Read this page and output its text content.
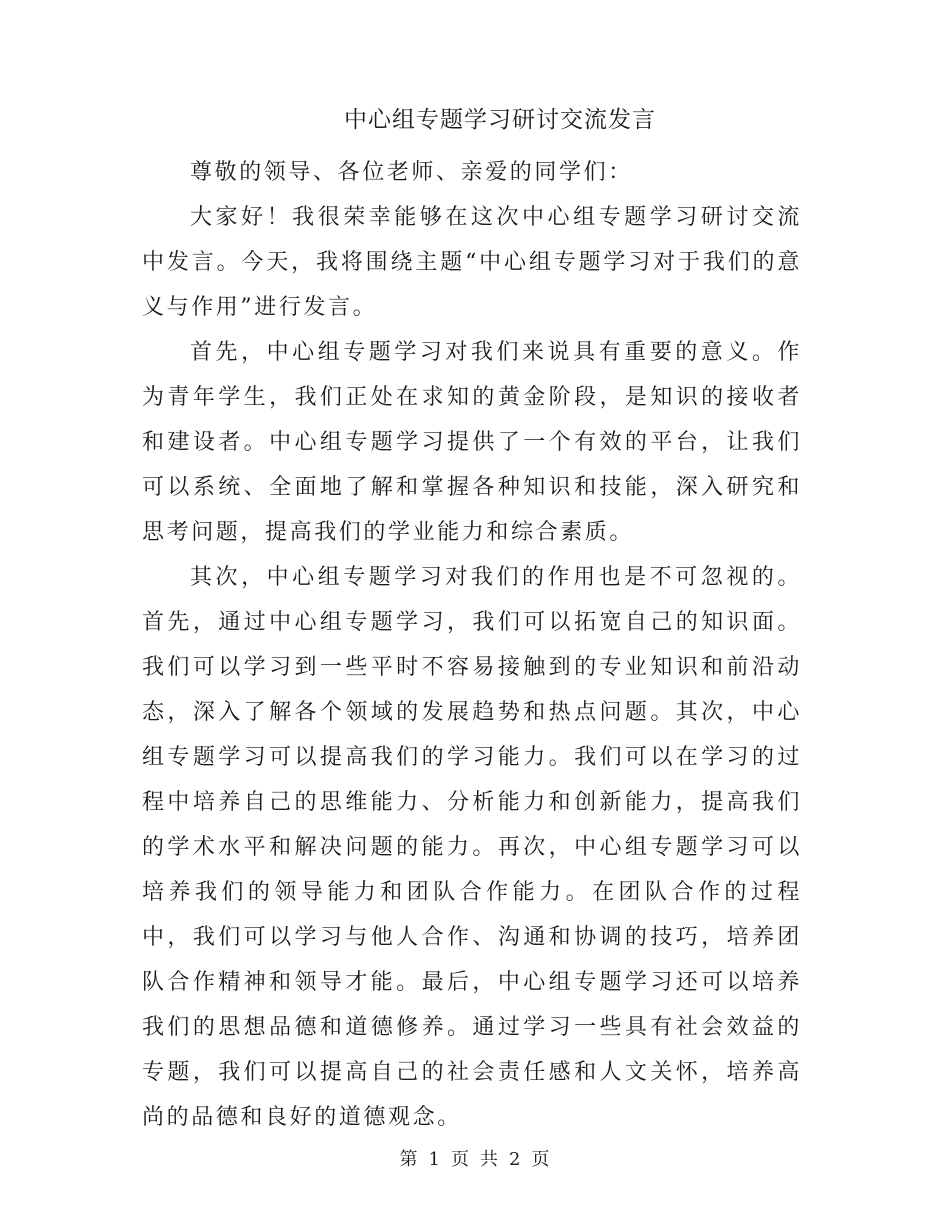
中心组专题学习研讨交流发言

尊敬的领导、各位老师、亲爱的同学们：

大家好！我很荣幸能够在这次中心组专题学习研讨交流中发言。今天，我将围绕主题“中心组专题学习对于我们的意义与作用”进行发言。

首先，中心组专题学习对我们来说具有重要的意义。作为青年学生，我们正处在求知的黄金阶段，是知识的接收者和建设者。中心组专题学习提供了一个有效的平台，让我们可以系统、全面地了解和掌握各种知识和技能，深入研究和思考问题，提高我们的学业能力和综合素质。

其次，中心组专题学习对我们的作用也是不可忽视的。首先，通过中心组专题学习，我们可以拓宽自己的知识面。我们可以学习到一些平时不容易接触到的专业知识和前沿动态，深入了解各个领域的发展趋势和热点问题。其次，中心组专题学习可以提高我们的学习能力。我们可以在学习的过程中培养自己的思维能力、分析能力和创新能力，提高我们的学术水平和解决问题的能力。再次，中心组专题学习可以培养我们的领导能力和团队合作能力。在团队合作的过程中，我们可以学习与他人合作、沟通和协调的技巧，培养团队合作精神和领导才能。最后，中心组专题学习还可以培养我们的思想品德和道德修养。通过学习一些具有社会效益的专题，我们可以提高自己的社会责任感和人文关怀，培养高尚的品德和良好的道德观念。

第 1 页 共 2 页
